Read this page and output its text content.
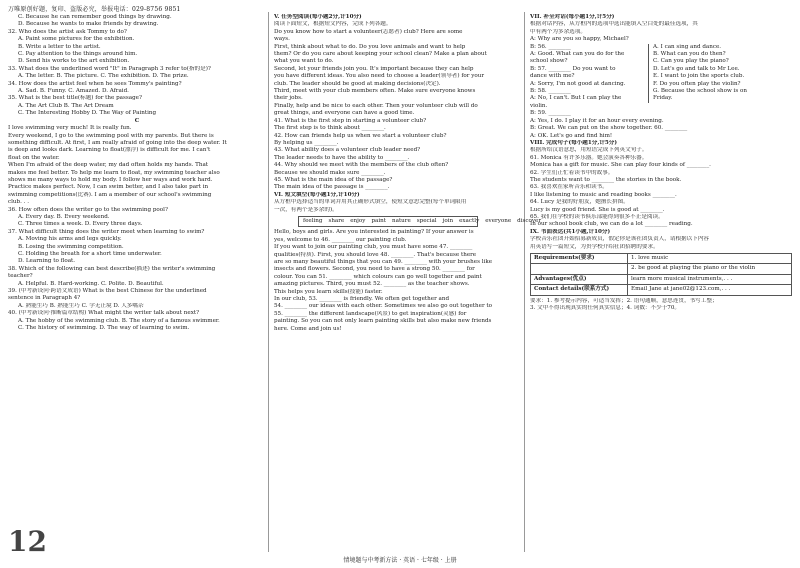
万唯原创好题，复印、盗版必究，举报电话：029-8756 9851
C. Because he can remember good things by drawing.
D. Because he wants to make friends by drawing.
32. Who does the artist ask Tommy to do?
A. Paint some pictures for the exhibition.
B. Write a letter to the artist.
C. Pay attention to the things around him.
D. Send his works to the art exhibition.
33. What does the underlined word "It" in Paragraph 3 refer to(指的是)?
A. The letter. B. The picture. C. The exhibition. D. The prize.
34. How does the artist feel when he sees Tommy's painting?
A. Sad. B. Funny. C. Amazed. D. Afraid.
35. What is the best title(标题) for the passage?
A. The Art Club B. The Art Dream
C. The Interesting Hobby D. The Way of Painting
C
I love swimming very much! It is really fun.
Every weekend, I go to the swimming pool with my parents. But there is
something difficult. At first, I am really afraid of going into the deep water. It
is deep and looks dark. Learning to float(漂浮) is difficult for me. I can't
float on the water.
When I'm afraid of the deep water, my dad often holds my hands. That
makes me feel better. To help me learn to float, my swimming teacher also
shows me many ways to hold my body. I follow her ways and work hard.
Practice makes perfect. Now, I can swim better, and I also take part in
swimming competitions(比赛). I am a member of our school's swimming
club. . .
36. How often does the writer go to the swimming pool?
A. Every day. B. Every weekend.
C. Three times a week. D. Every three days.
37. What difficult thing does the writer meet when learning to swim?
A. Moving his arms and legs quickly.
B. Losing the swimming competition.
C. Holding the breath for a short time underwater.
D. Learning to float.
38. Which of the following can best describe(描述) the writer's swimming
teacher?
A. Helpful. B. Hard-working. C. Polite. D. Beautiful.
39. (中考新设问·跨语文成语) What is the best Chinese for the underlined
sentence in Paragraph 4?
A. 熟能生巧 B. 熟能生巧 C. 学无止境 D. 人多嘴杂
40. (中考新设问·推断篇章结构) What might the writer talk about next?
A. The hobby of the swimming club. B. The story of a famous swimmer.
C. The history of swimming. D. The way of learning to swim.
V. 任务型阅读(每小题2分,计10分)
阅读下面短文，根据短文内容，完成下列各题。
Do you know how to start a volunteer(志愿者) club? Here are some
ways.
First, think about what to do. Do you love animals and want to help
them? Or do you care about keeping your school clean? Make a plan about
what you want to do.
Second, let your friends join you. It's important because they can help
you have different ideas. You also need to choose a leader(领导者) for your
club. The leader should be good at making decisions(决定).
Third, meet with your club members often. Make sure everyone knows
their jobs.
Finally, help and be nice to each other. Then your volunteer club will do
great things, and everyone can have a good time.
41. What is the first step in starting a volunteer club?
The first step is to think about ________.
42. How can friends help us when we start a volunteer club?
By helping us ________.
43. What ability does a volunteer club leader need?
The leader needs to have the ability to ________.
44. Why should we meet with the members of the club often?
Because we should make sure ________.
45. What is the main idea of the passage?
The main idea of the passage is ________.
VI. 短文填空(每小题1分,计10分)
从方框中选择适当的单词并用其正确形式填空，使短文意思完整(每个单词限用
一次，有两个是多余的)。
feeling share enjoy paint nature special join exactly everyone discover
Hello, boys and girls. Are you interested in painting? If your answer is
yes, welcome to 46. ________ our painting club.
If you want to join our painting club, you must have some 47. ________
qualities(特质). First, you should love 48. ________. That's because there
are so many beautiful things that you can 49. ________ with your brushes like
insects and flowers. Second, you need to have a strong 50. ________ for
colour. You can 51. ________ which colours can go well together and paint
amazing pictures. Third, you must 52. ________ as the teacher shows.
This helps you learn skills(技能) faster.
In our club, 53. ________ is friendly. We often get together and
54. ________ our ideas with each other. Sometimes we also go out together to
55. ________ the different landscape(风景) to get inspiration(灵感) for
painting. So you can not only learn painting skills but also make new friends
here. Come and join us!
VII. 补全对话(每小题1分,计5分)
根据对话内容，从方框内的选项中选出能填入空白处的最佳选项，其
中有两个为多余选项。
A: Why are you so happy, Michael?
B: 56. ________	A. I can sing and dance.
A: Good. What can you do for the	B. What can you do then?
school show?	C. Can you play the piano?
B: 57. ________ Do you want to	D. Let's go and talk to Mr Lee.
dance with me?	E. I want to join the sports club.
A: Sorry, I'm not good at dancing.	F. Do you often play the violin?
B: 58. ________	G. Because the school show is on
A: No, I can't. But I can play the	Friday.
violin.
B: 59. ________
A: Yes, I do. I play it for an hour every evening.
B: Great. We can put on the show together. 60. ________
A: OK. Let's go and find him!
VIII. 完成句子(每小题1分,计5分)
根据所给汉语意思，用短语完成下列英文句子。
61. Monica 有许多乐器。她会演奏各种乐器。
Monica has a gift for music. She can play four kinds of ________.
62. 学生们正忙着读书中的故事。
The students want to ________ the stories in the book.
63. 我喜欢在家听音乐和读书。
I like listening to music and reading books ________.
64. Lucy 是我的好朋友，她擅长拼图。
Lucy is my good friend. She is good at ________.
65. 我们在学校的读书俱乐部能得到很多不止是阅读。
In our school book club, we can do a lot ________ reading.
IX. 书面表达(共1小题,计10分)
学校音乐社团开始招募新成员，假定你是该社团负责人，请根据以下内容
用英语写一篇短文，为贵学校介绍社团招聘的要求。
Requirements(要求)	1. love music
2. be good at playing the piano or the violin
Advantages(优点)	learn more musical instruments,. . .
Contact details(联系方式)	Email Jane at jane02@123.com,. . .
要求：1. 参考提示内容，可适当发挥；2. 语句通顺，意思连贯，书写工整；
3. 文中不得出现真实的任何真实信息；4. 词数：不少于70。
12
情境题与中考新方法 · 英语 · 七年级 · 上册
